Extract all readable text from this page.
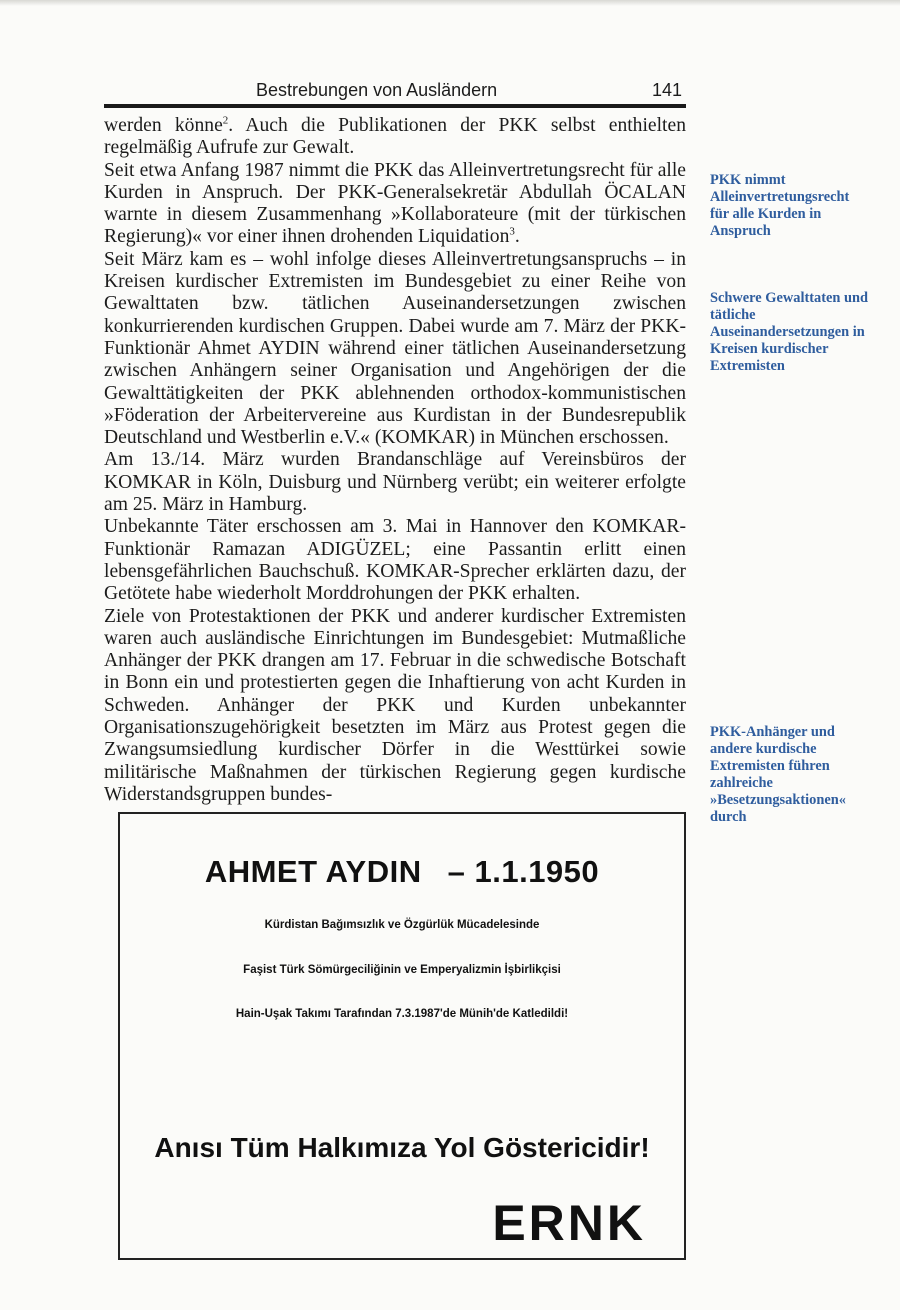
Bestrebungen von Ausländern	141

werden könne$^2$. Auch die Publikationen der PKK selbst enthielten regelmäßig Aufrufe zur Gewalt.

Seit etwa Anfang 1987 nimmt die PKK das Alleinvertretungsrecht für alle Kurden in Anspruch. Der PKK-Generalsekretär Abdullah ÖCALAN warnte in diesem Zusammenhang »Kollaborateure (mit der türkischen Regierung)« vor einer ihnen drohenden Liquidation$^3$.

Seit März kam es – wohl infolge dieses Alleinvertretungsanspruchs – in Kreisen kurdischer Extremisten im Bundesgebiet zu einer Reihe von Gewalttaten bzw. tätlichen Auseinandersetzungen zwischen konkurrierenden kurdischen Gruppen. Dabei wurde am 7. März der PKK-Funktionär Ahmet AYDIN während einer tätlichen Auseinandersetzung zwischen Anhängern seiner Organisation und Angehörigen der die Gewalttätigkeiten der PKK ablehnenden orthodox-kommunistischen »Föderation der Arbeitervereine aus Kurdistan in der Bundesrepublik Deutschland und Westberlin e.V.« (KOMKAR) in München erschossen.

Am 13./14. März wurden Brandanschläge auf Vereinsbüros der KOMKAR in Köln, Duisburg und Nürnberg verübt; ein weiterer erfolgte am 25. März in Hamburg.

Unbekannte Täter erschossen am 3. Mai in Hannover den KOMKAR-Funktionär Ramazan ADIGÜZEL; eine Passantin erlitt einen lebensgefährlichen Bauchschuß. KOMKAR-Sprecher erklärten dazu, der Getötete habe wiederholt Morddrohungen der PKK erhalten.

Ziele von Protestaktionen der PKK und anderer kurdischer Extremisten waren auch ausländische Einrichtungen im Bundesgebiet: Mutmaßliche Anhänger der PKK drangen am 17. Februar in die schwedische Botschaft in Bonn ein und protestierten gegen die Inhaftierung von acht Kurden in Schweden. Anhänger der PKK und Kurden unbekannter Organisationszugehörigkeit besetzten im März aus Protest gegen die Zwangsumsiedlung kurdischer Dörfer in die Westtürkei sowie militärische Maßnahmen der türkischen Regierung gegen kurdische Widerstandsgruppen bundes-

PKK nimmt Alleinvertretungsrecht für alle Kurden in Anspruch
Schwere Gewalttaten und tätliche Auseinandersetzungen in Kreisen kurdischer Extremisten
PKK-Anhänger und andere kurdische Extremisten führen zahlreiche »Besetzungsaktionen« durch
AHMET AYDIN – 1.1.1950
Kürdistan Bağımsızlık ve Özgürlük Mücadelesinde
Faşist Türk Sömürgeciliğinin ve Emperyalizmin İşbirlikçisi
Hain-Uşak Takımı Tarafından 7.3.1987'de Münih'de Katledildi!
Anısı Tüm Halkımıza Yol Göstericidir!
ERNK
